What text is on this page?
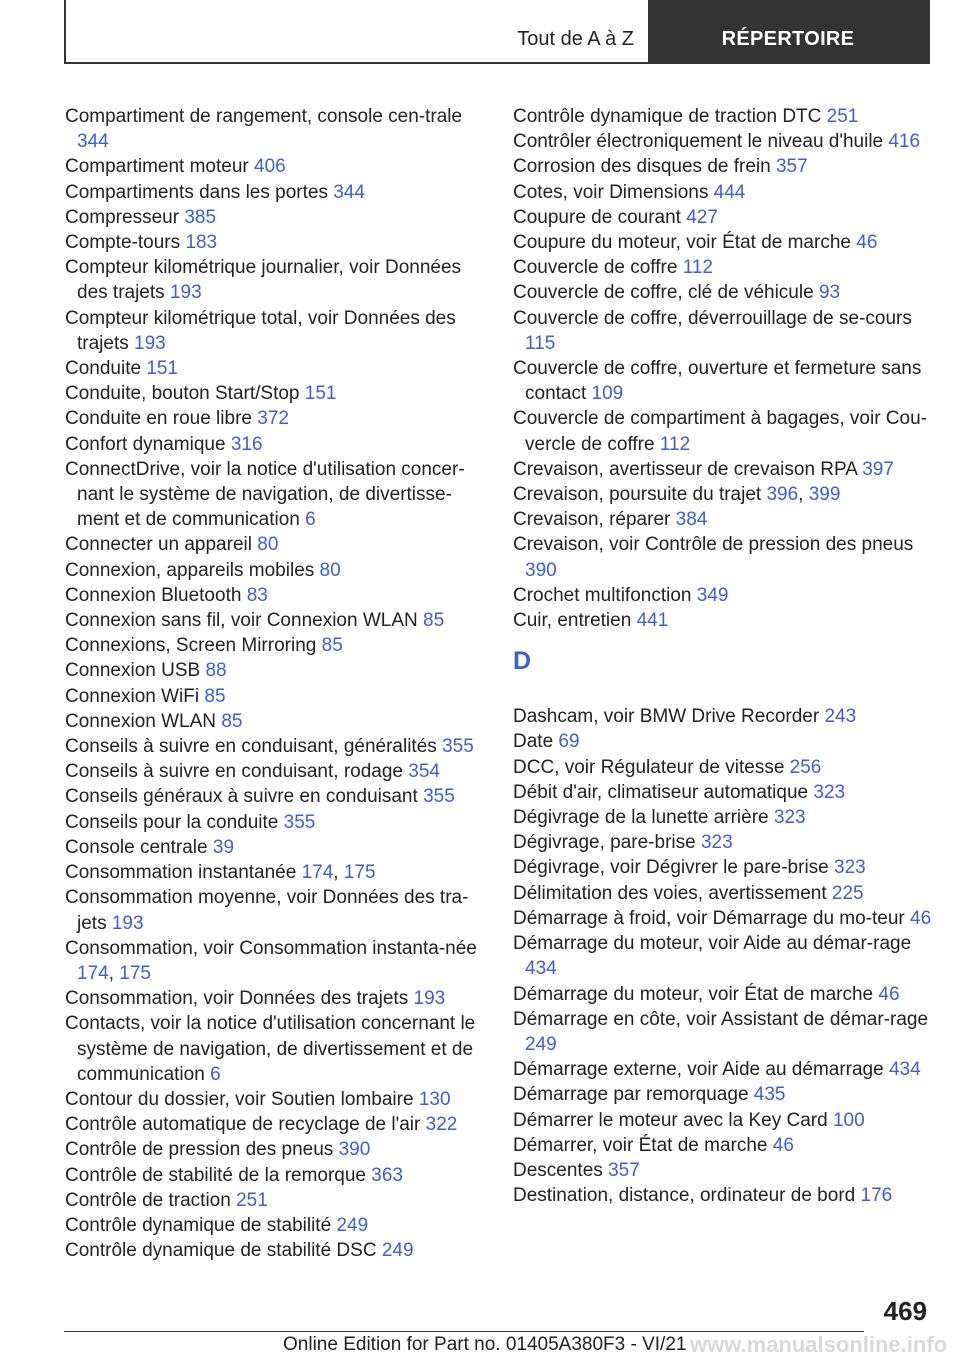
Tout de A à Z	RÉPERTOIRE

Compartiment de rangement, console cen-trale 344

Compartiment moteur 406

Compartiments dans les portes 344

Compresseur 385

Compte-tours 183

Compteur kilométrique journalier, voir Données des trajets 193

Compteur kilométrique total, voir Données des trajets 193

Conduite 151

Conduite, bouton Start/Stop 151

Conduite en roue libre 372

Confort dynamique 316

ConnectDrive, voir la notice d'utilisation concer-nant le système de navigation, de divertisse-ment et de communication 6

Connecter un appareil 80

Connexion, appareils mobiles 80

Connexion Bluetooth 83

Connexion sans fil, voir Connexion WLAN 85

Connexions, Screen Mirroring 85

Connexion USB 88

Connexion WiFi 85

Connexion WLAN 85

Conseils à suivre en conduisant, généralités 355

Conseils à suivre en conduisant, rodage 354

Conseils généraux à suivre en conduisant 355

Conseils pour la conduite 355

Console centrale 39

Consommation instantanée 174, 175

Consommation moyenne, voir Données des tra-jets 193

Consommation, voir Consommation instanta-née 174, 175

Consommation, voir Données des trajets 193

Contacts, voir la notice d'utilisation concernant le système de navigation, de divertissement et de communication 6

Contour du dossier, voir Soutien lombaire 130

Contrôle automatique de recyclage de l'air 322

Contrôle de pression des pneus 390

Contrôle de stabilité de la remorque 363

Contrôle de traction 251

Contrôle dynamique de stabilité 249

Contrôle dynamique de stabilité DSC 249

Contrôle dynamique de traction DTC 251

Contrôler électroniquement le niveau d'huile 416

Corrosion des disques de frein 357

Cotes, voir Dimensions 444

Coupure de courant 427

Coupure du moteur, voir État de marche 46

Couvercle de coffre 112

Couvercle de coffre, clé de véhicule 93

Couvercle de coffre, déverrouillage de se-cours 115

Couvercle de coffre, ouverture et fermeture sans contact 109

Couvercle de compartiment à bagages, voir Cou-vercle de coffre 112

Crevaison, avertisseur de crevaison RPA 397

Crevaison, poursuite du trajet 396, 399

Crevaison, réparer 384

Crevaison, voir Contrôle de pression des pneus 390

Crochet multifonction 349

Cuir, entretien 441

D

Dashcam, voir BMW Drive Recorder 243

Date 69

DCC, voir Régulateur de vitesse 256

Débit d'air, climatiseur automatique 323

Dégivrage de la lunette arrière 323

Dégivrage, pare-brise 323

Dégivrage, voir Dégivrer le pare-brise 323

Délimitation des voies, avertissement 225

Démarrage à froid, voir Démarrage du mo-teur 46

Démarrage du moteur, voir Aide au démar-rage 434

Démarrage du moteur, voir État de marche 46

Démarrage en côte, voir Assistant de démar-rage 249

Démarrage externe, voir Aide au démarrage 434

Démarrage par remorquage 435

Démarrer le moteur avec la Key Card 100

Démarrer, voir État de marche 46

Descentes 357

Destination, distance, ordinateur de bord 176

469
Online Edition for Part no. 01405A380F3 - VI/21 www.manualsonline.info
